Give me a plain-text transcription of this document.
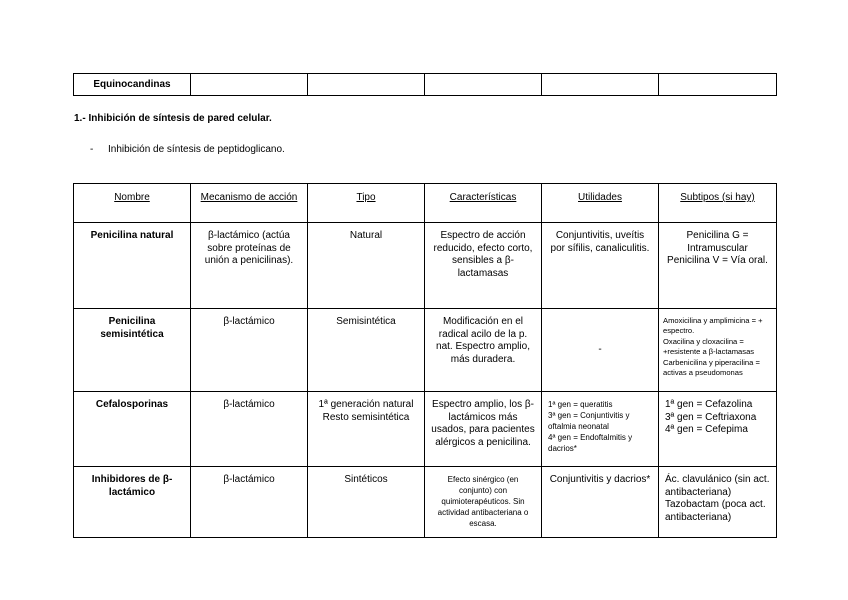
Equinocandinas					
1.- Inhibición de síntesis de pared celular.
- Inhibición de síntesis de peptidoglicano.
Nombre	Mecanismo de acción	Tipo	Características	Utilidades	Subtipos (si hay)
Penicilina natural	β-lactámico (actúa sobre proteínas de unión a penicilinas).	Natural	Espectro de acción reducido, efecto corto, sensibles a β-lactamasas	Conjuntivitis, uveítis por sífilis, canaliculitis.	Penicilina G = Intramuscular
Penicilina V = Vía oral.

Penicilina semisintética	β-lactámico	Semisintética	Modificación en el radical acilo de la p. nat. Espectro amplio, más duradera.	-	Amoxicilina y amplimicina = + espectro.
Oxacilina y cloxacilina = +resistente a β-lactamasas
Carbenicilina y piperacilina = activas a pseudomonas

Cefalosporinas	β-lactámico	1ª generación natural
Resto semisintética	Espectro amplio, los β-lactámicos más usados, para pacientes alérgicos a penicilina.	1ª gen = queratitis
3ª gen = Conjuntivitis y oftalmia neonatal
4ª gen = Endoftalmitis y dacrios*	1ª gen = Cefazolina
3ª gen = Ceftriaxona
4ª gen = Cefepima

Inhibidores de β-lactámico	β-lactámico	Sintéticos	Efecto sinérgico (en conjunto) con quimioterapéuticos. Sin actividad antibacteriana o escasa.	Conjuntivitis y dacrios*	Ác. clavulánico (sin act. antibacteriana)
Tazobactam (poca act. antibacteriana)
